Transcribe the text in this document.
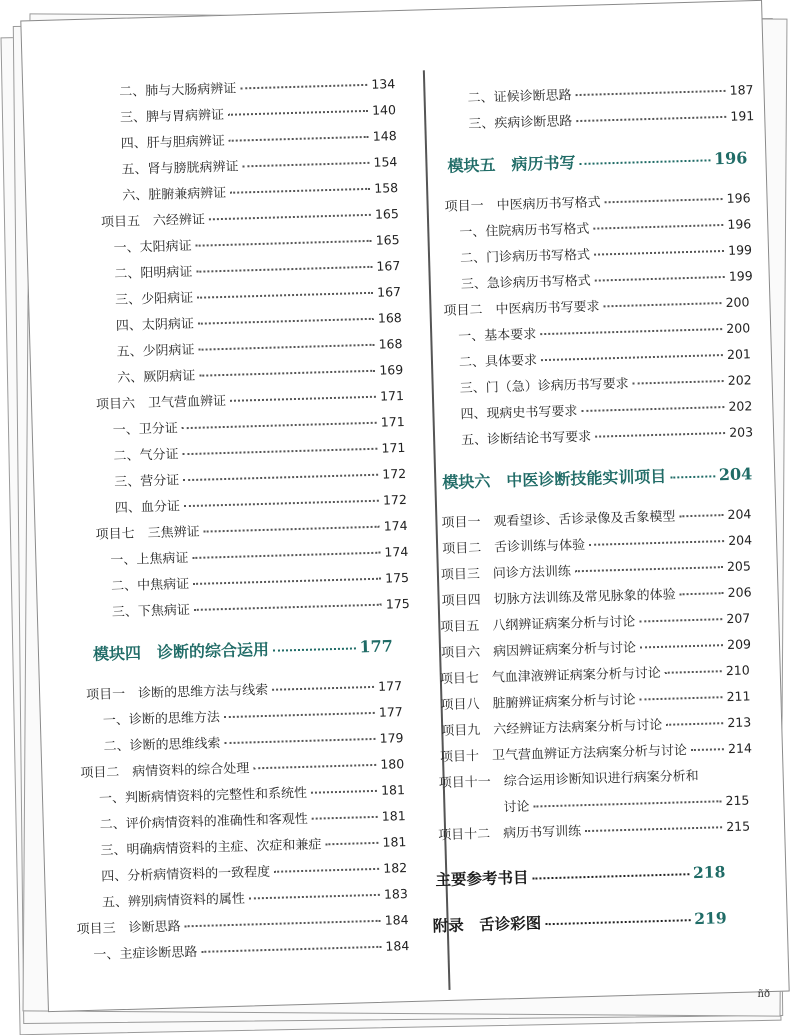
二、肺与大肠病辨证	134
三、脾与胃病辨证	140
四、肝与胆病辨证	148
五、肾与膀胱病辨证	154
六、脏腑兼病辨证	158
项目五　六经辨证	165
一、太阳病证	165
二、阳明病证	167
三、少阳病证	167
四、太阴病证	168
五、少阴病证	168
六、厥阴病证	169
项目六　卫气营血辨证	171
一、卫分证	171
二、气分证	171
三、营分证	172
四、血分证	172
项目七　三焦辨证	174
一、上焦病证	174
二、中焦病证	175
三、下焦病证	175
模块四　诊断的综合运用	177
项目一　诊断的思维方法与线索	177
一、诊断的思维方法	177
二、诊断的思维线索	179
项目二　病情资料的综合处理	180
一、判断病情资料的完整性和系统性	181
二、评价病情资料的准确性和客观性	181
三、明确病情资料的主症、次症和兼症	181
四、分析病情资料的一致程度	182
五、辨别病情资料的属性	183
项目三　诊断思路	184
一、主症诊断思路	184
二、证候诊断思路	187
三、疾病诊断思路	191
模块五　病历书写	196
项目一　中医病历书写格式	196
一、住院病历书写格式	196
二、门诊病历书写格式	199
三、急诊病历书写格式	199
项目二　中医病历书写要求	200
一、基本要求	200
二、具体要求	201
三、门（急）诊病历书写要求	202
四、现病史书写要求	202
五、诊断结论书写要求	203
模块六　中医诊断技能实训项目	204
项目一　观看望诊、舌诊录像及舌象模型	204
项目二　舌诊训练与体验	204
项目三　问诊方法训练	205
项目四　切脉方法训练及常见脉象的体验	206
项目五　八纲辨证病案分析与讨论	207
项目六　病因辨证病案分析与讨论	209
项目七　气血津液辨证病案分析与讨论	210
项目八　脏腑辨证病案分析与讨论	211
项目九　六经辨证方法病案分析与讨论	213
项目十　卫气营血辨证方法病案分析与讨论	214
项目十一　综合运用诊断知识进行病案分析和
讨论	215
项目十二　病历书写训练	215
主要参考书目	218
附录　舌诊彩图	219
ñð
